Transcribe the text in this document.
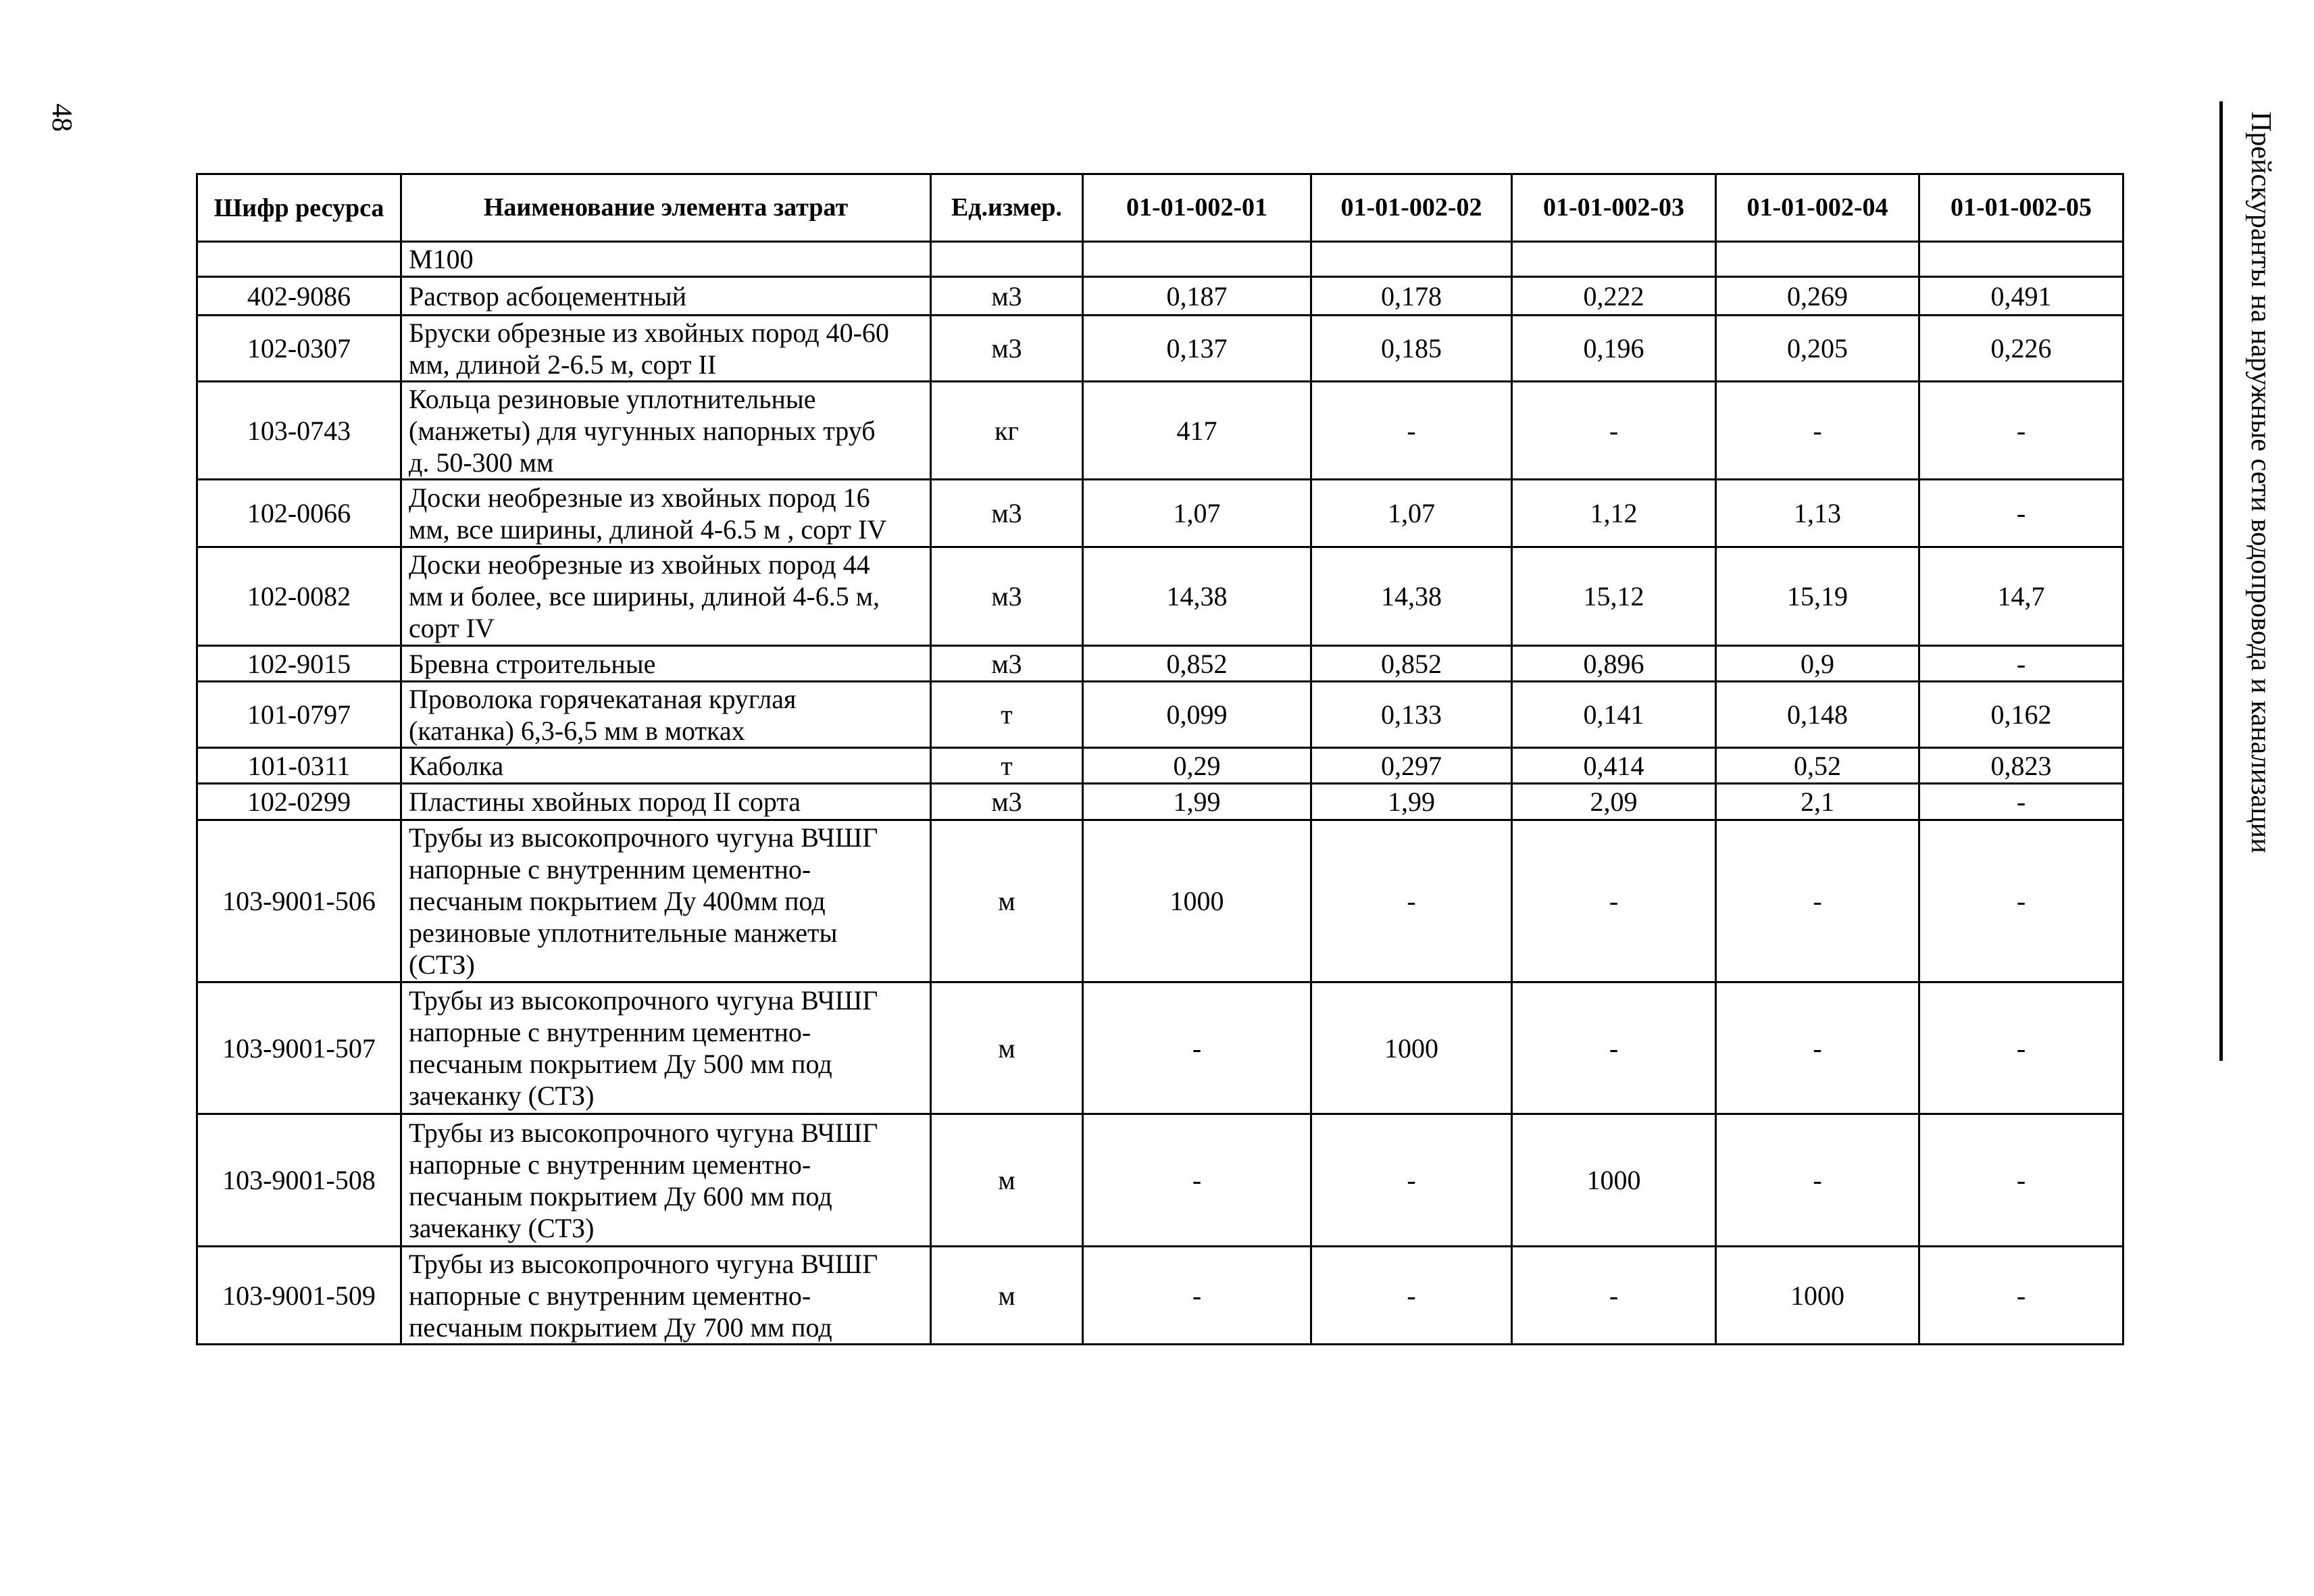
48	Прейскуранты на наружные сети водопровода и канализации
Шифр ресурса	Наименование элемента затрат	Ед.измер.	01-01-002-01	01-01-002-02	01-01-002-03	01-01-002-04	01-01-002-05

	М100						

402-9086	Раствор асбоцементный	м3	0,187	0,178	0,222	0,269	0,491
102-0307	Бруски обрезные из хвойных пород 40-60
мм, длиной 2-6.5 м, сорт II	м3	0,137	0,185	0,196	0,205	0,226
103-0743	Кольца резиновые уплотнительные
(манжеты) для чугунных напорных труб
д. 50-300 мм	кг	417	-	-	-	-
102-0066	Доски необрезные из хвойных пород 16
мм, все ширины, длиной 4-6.5 м , сорт IV	м3	1,07	1,07	1,12	1,13	-
102-0082	Доски необрезные из хвойных пород 44
мм и более, все ширины, длиной 4-6.5 м,
сорт IV	м3	14,38	14,38	15,12	15,19	14,7
102-9015	Бревна строительные	м3	0,852	0,852	0,896	0,9	-
101-0797	Проволока горячекатаная круглая
(катанка) 6,3-6,5 мм в мотках	т	0,099	0,133	0,141	0,148	0,162
101-0311	Каболка	т	0,29	0,297	0,414	0,52	0,823
102-0299	Пластины хвойных пород II сорта	м3	1,99	1,99	2,09	2,1	-
103-9001-506	Трубы из высокопрочного чугуна ВЧШГ
напорные с внутренним цементно-
песчаным покрытием Ду 400мм под
резиновые уплотнительные манжеты
(СТЗ)	м	1000	-	-	-	-
103-9001-507	Трубы из высокопрочного чугуна ВЧШГ
напорные с внутренним цементно-
песчаным покрытием Ду 500 мм под
зачеканку (СТЗ)	м	-	1000	-	-	-
103-9001-508	Трубы из высокопрочного чугуна ВЧШГ
напорные с внутренним цементно-
песчаным покрытием Ду 600 мм под
зачеканку (СТЗ)	м	-	-	1000	-	-
103-9001-509	Трубы из высокопрочного чугуна ВЧШГ
напорные с внутренним цементно-
песчаным покрытием Ду 700 мм под	м	-	-	-	1000	-
